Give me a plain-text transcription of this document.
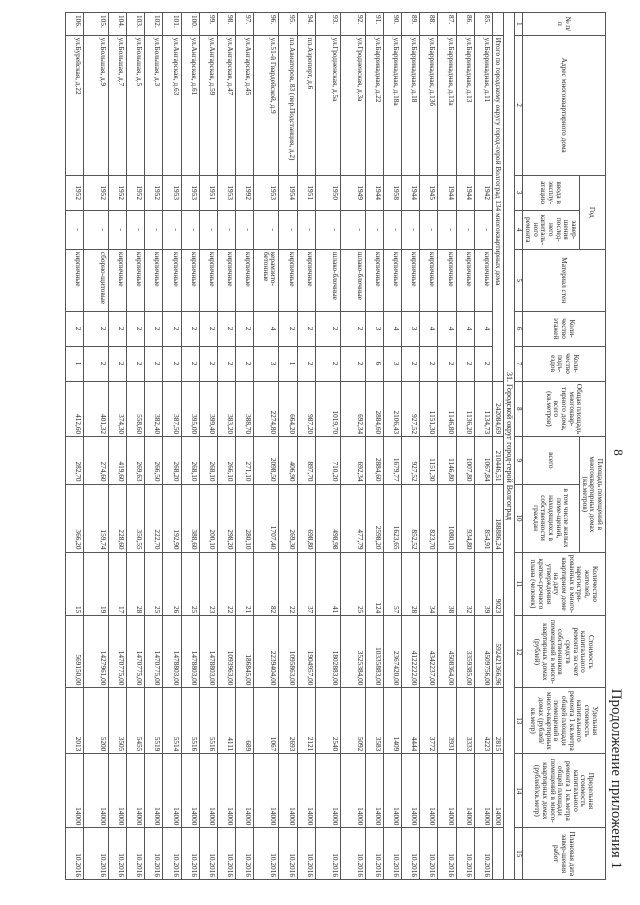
8
Продолжение приложения 1
№ п/п	Адрес многоквартирного дома	Год		Материал стен	Коли-чество этажей	Коли-чество подъ-ездов	Общая площадь многоквар-тирного дома, всего (кв.метров)	Площадь помещений в многоквартирных домах (кв.метров)		Количество жителей, зарегистри-рованных в много-квартирном доме на дату утверждения кратко-срочного плана (человек)	Стоимость капитального ремонта за счет средств собственников помещений в много-квартирных домах (рублей)	Удельная стоимость капитального ремонта 1 кв.метра общей площади помещений в много-квартирных домах (рублей/кв.метр)	Предельная стоимость капитального ремонта 1 кв.метра общей площади помещений в много-квартирных домах (рублей/кв.метр)	Плановая дата завер-шения работ
		ввода в эксплу-атацию	завер-шения послед-него капиталь-ного ремонта					всего	в том числе жилых поме-щений, находящихся в собственности граждан					
1	2	3	4	5	6	7	8	9	10	11	12	13	14	15
31. Городской округ город-герой Волгоград														
	Итого по городскому округу город-герой Волгоград 134 многоквартирных дома						242084,69	210446,51	188886,24	9023	592421366,96	2815	14000	
85.	ул.Баррикадная, д.11	1942	-	кирпичные	4	2	1134,73	1067,84	854,91	39	4509756,00	4223	14000	10.2016
86.	ул.Баррикадная, д.13	1944	-	кирпичные	4	2	1136,20	1007,80	934,80	32	3359385,00	3333	14000	10.2016
87.	ул.Баррикадная, д.13а	1944	-	кирпичные	4	2	1146,80	1146,80	1080,10	38	4508364,00	3931	14000	10.2016
88.	ул.Баррикадная, д.13б	1945	-	кирпичные	4	2	1151,30	1151,30	823,70	34	4342237,00	3772	14000	10.2016
89.	ул.Баррикадная, д.18	1944	-	кирпичные	3	2	927,52	927,52	852,52	28	4122222,00	4444	14000	10.2016
90.	ул.Баррикадная, д.18а	1958	-	кирпичные	4	3	2106,43	1679,77	1623,65	57	2367420,00	1409	14000	10.2016
91.	ул.Баррикадная, д.22	1944	-	кирпичные	3	6	2884,60	2884,60	2598,20	124	10335883,00	3583	14000	10.2016
92.	ул.Гродненская, д.3а	1949	-	шлако-блочные	2	2	692,34	692,34	477,79	25	3525384,00	5092	14000	10.2016
93.	ул.Гродненская, д.5а	1950	-	шлако-блочные	2	2	1019,70	710,20	498,98	41	1802883,00	2540	14000	10.2016
94.	пл.Аэропорт, д.6	1951	-	кирпичные	2	2	987,20	897,70	698,80	37	1904957,00	2121	14000	10.2016
95.	пл.Авиаторов, 83 (пер.Подстанция, д.2)	1954	-	кирпичные	2	1	664,20	406,90	269,30	22	1095863,00	2693	14000	10.2016
96.	ул.51-й Гвардейской, д.9	1953	-	керамзито-бетонные	4	3	2274,80	2098,50	1707,40	82	2239404,00	1067	14000	10.2016
97.	ул.Ангарская, д.45	1992	-	кирпичные	2	2	388,70	271,10	280,10	21	186845,00	689	14000	10.2016
98.	ул.Ангарская, д.47	1953	-	кирпичные	2	2	383,20	266,10	298,20	22	1093963,00	4111	14000	10.2016
99.	ул.Ангарская, д.59	1951	-	кирпичные	2	2	399,40	268,10	200,10	23	1478803,00	5516	14000	10.2016
100.	ул.Ангарская, д.61	1953	-	кирпичные	2	2	395,00	268,10	388,60	25	1478803,00	5516	14000	10.2016
101.	ул.Ангарская, д.63	1953	-	кирпичные	2	2	387,50	268,20	192,90	26	1478803,00	5514	14000	10.2016
102.	ул.Большая, д.3	1952	-	кирпичные	2	2	382,40	266,50	222,70	25	1470775,00	5519	14000	10.2016
103.	ул.Большая, д.5	1952	-	кирпичные	2	2	558,60	269,63	350,55	28	1470775,00	5455	14000	10.2016
104.	ул.Большая, д.7	1952	-	кирпичные	2	2	374,30	419,60	228,60	17	1470775,00	3505	14000	10.2016
105.	ул.Большая, д.9	1952	-	сборно-щитовые	2	2	401,32	274,60	159,74	19	1427961,00	5200	14000	10.2016
106.	ул.Бурейская, д.22	1952	-	кирпичные	2	1	412,60	282,70	366,20	15	569150,00	2013	14000	10.2016
